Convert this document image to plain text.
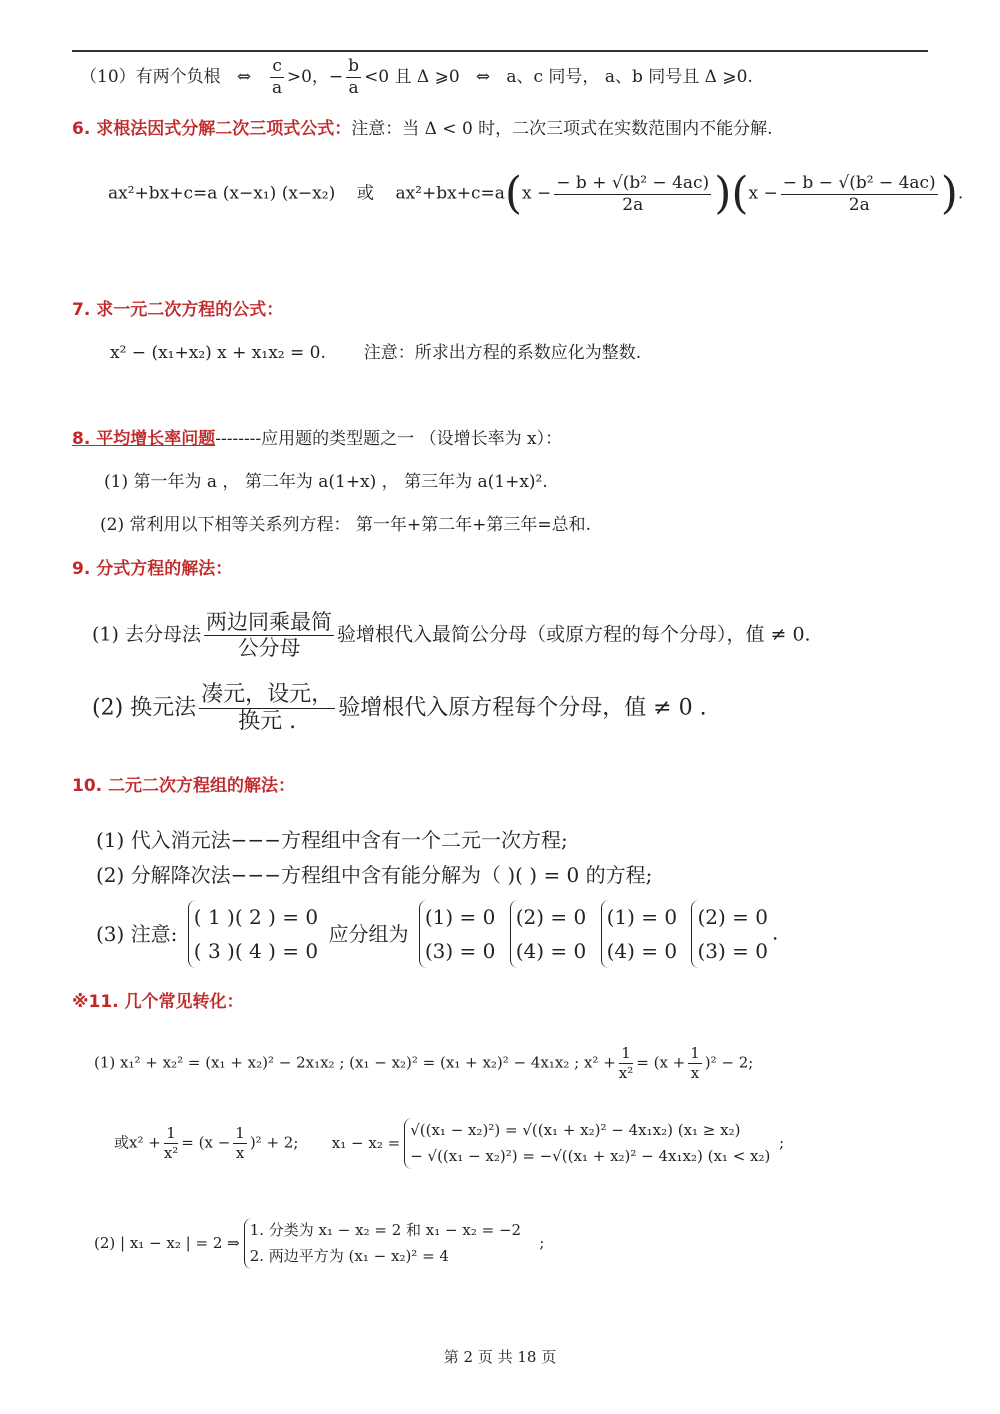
（10）有两个负根 ⇔ $\frac{c}{a} >0$，− $\frac{b}{a} <0$ 且 Δ ⩾0 ⇔ a、c 同号， a、b 同号且 Δ ⩾0.
6. 求根法因式分解二次三项式公式：注意：当 Δ < 0 时，二次三项式在实数范围内不能分解.
ax²+bx+c=a (x−x₁) (x−x₂) 或 $ax^2+bx+c=a(x - \frac{\text{− b + √(b² − 4ac)}}{2a} )(x - \frac{\text{− b − √(b² − 4ac)}}{2a}$ ).
7. 求一元二次方程的公式：
x² − (x₁+x₂) x + x₁x₂ = 0. 注意：所求出方程的系数应化为整数.
8. 平均增长率问题--------应用题的类型题之一 （设增长率为 x）：
(1) 第一年为 a ， 第二年为 a(1+x) ， 第三年为 a(1+x)².
(2) 常利用以下相等关系列方程： 第一年+第二年+第三年=总和.
9. 分式方程的解法：
(1) 去分母法
两边同乘最简
公分母
验增根代入最简公分母（或原方程的每个分母），值 ≠ 0.
(2) 换元法
凑元，设元，
换元 .
验增根代入原方程每个分母，值 ≠ 0 .
10. 二元二次方程组的解法：
(1) 代入消元法−−−方程组中含有一个二元一次方程;
(2) 分解降次法−−−方程组中含有能分解为（ )( ) = 0 的方程;
(3) 注意:
( 1 )( 2 ) = 0
( 3 )( 4 ) = 0
应分组为
(1) = 0
(3) = 0

(2) = 0
(4) = 0

(1) = 0
(4) = 0

(2) = 0
(3) = 0
.
※11. 几个常见转化：
(1) x₁² + x₂² = (x₁ + x₂)² − 2x₁x₂ ; (x₁ − x₂)² = (x₁ + x₂)² − 4x₁x₂ ; $x^2 + \frac{1}{\text{x²}} = (x + \frac{1}{x} )^2 - 2$;
或$x^2 + \frac{1}{\text{x²}} = (x - \frac{1}{x} )^2 + 2$; x₁ − x₂ =
√((x₁ − x₂)²) = √((x₁ + x₂)² − 4x₁x₂) (x₁ ≥ x₂)
− √((x₁ − x₂)²) = −√((x₁ + x₂)² − 4x₁x₂) (x₁ < x₂)
;
(2) | x₁ − x₂ | = 2 ⇒
1. 分类为 x₁ − x₂ = 2 和 x₁ − x₂ = −2
2. 两边平方为 (x₁ − x₂)² = 4
;
第 2 页 共 18 页
